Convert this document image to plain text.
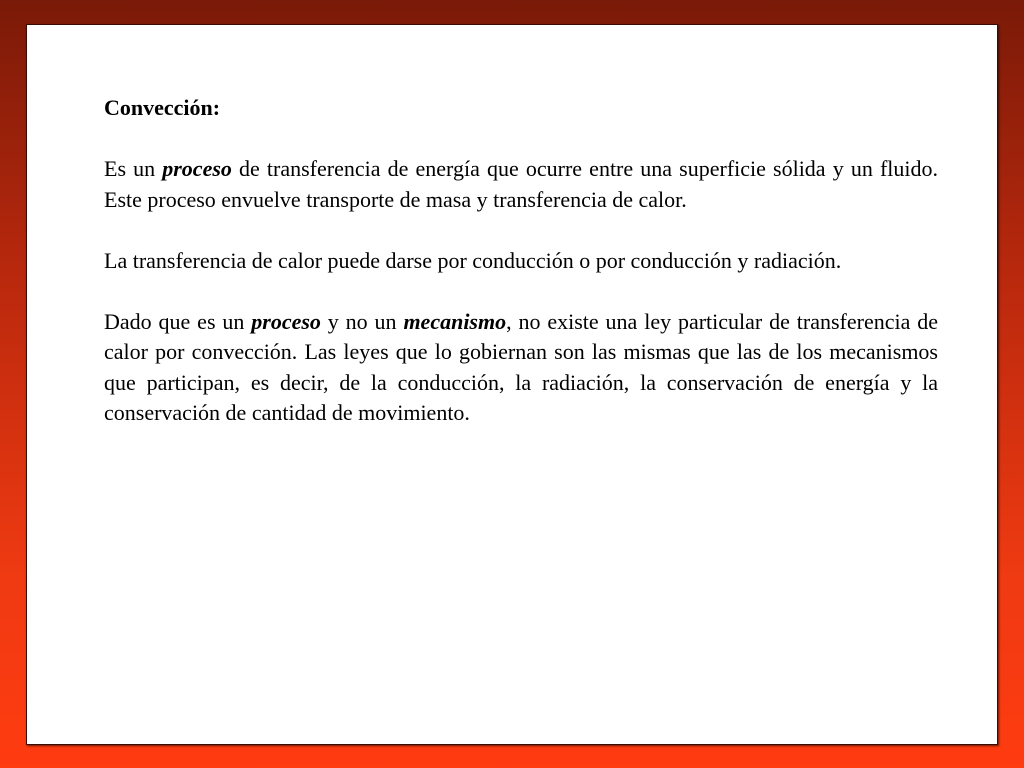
Convección:

Es un proceso de transferencia de energía que ocurre entre una superficie sólida y un fluido. Este proceso envuelve transporte de masa y transferencia de calor.

La transferencia de calor puede darse por conducción o por conducción y radiación.

Dado que es un proceso y no un mecanismo, no existe una ley particular de transferencia de calor por convección. Las leyes que lo gobiernan son las mismas que las de los mecanismos que participan, es decir, de la conducción, la radiación, la conservación de energía y la conservación de cantidad de movimiento.
